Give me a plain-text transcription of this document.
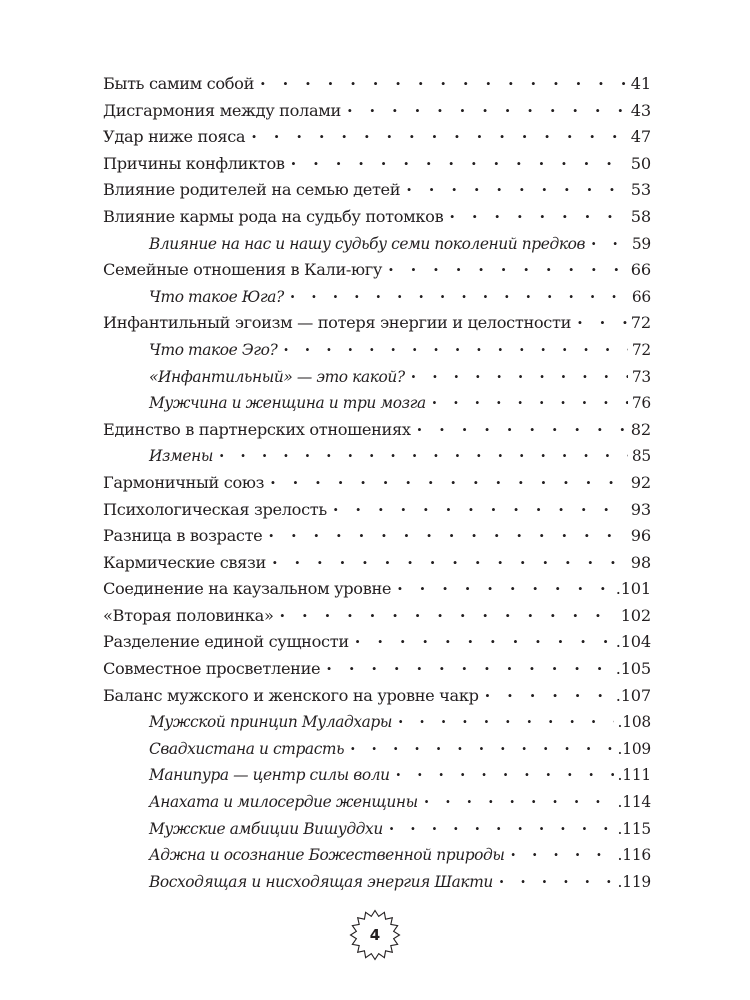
Быть самим собой · ·	41
Дисгармония между полами · ·	43
Удар ниже пояса · ·	47
Причины конфликтов · ·	50
Влияние родителей на семью детей · ·	53
Влияние кармы рода на судьбу потомков · ·	58
Влияние на нас и нашу судьбу семи поколений предков · ·	59
Семейные отношения в Кали-югу · ·	66
Что такое Юга? · ·	66
Инфантильный эгоизм — потеря энергии и целостности · ·	72
Что такое Эго? · ·	72
«Инфантильный» — это какой? · ·	73
Мужчина и женщина и три мозга · ·	76
Единство в партнерских отношениях · ·	82
Измены · ·	85
Гармоничный союз · ·	92
Психологическая зрелость · ·	93
Разница в возрасте · ·	96
Кармические связи · ·	98
Соединение на каузальном уровне · ·	.101
«Вторая половинка» · ·	102
Разделение единой сущности · ·	.104
Совместное просветление · ·	.105
Баланс мужского и женского на уровне чакр · ·	.107
Мужской принцип Муладхары · ·	.108
Свадхистана и страсть · ·	.109
Манипура — центр силы воли · ·	.111
Анахата и милосердие женщины · ·	.114
Мужские амбиции Вишуддхи · ·	.115
Аджна и осознание Божественной природы · ·	.116
Восходящая и нисходящая энергия Шакти · ·	.119
4
